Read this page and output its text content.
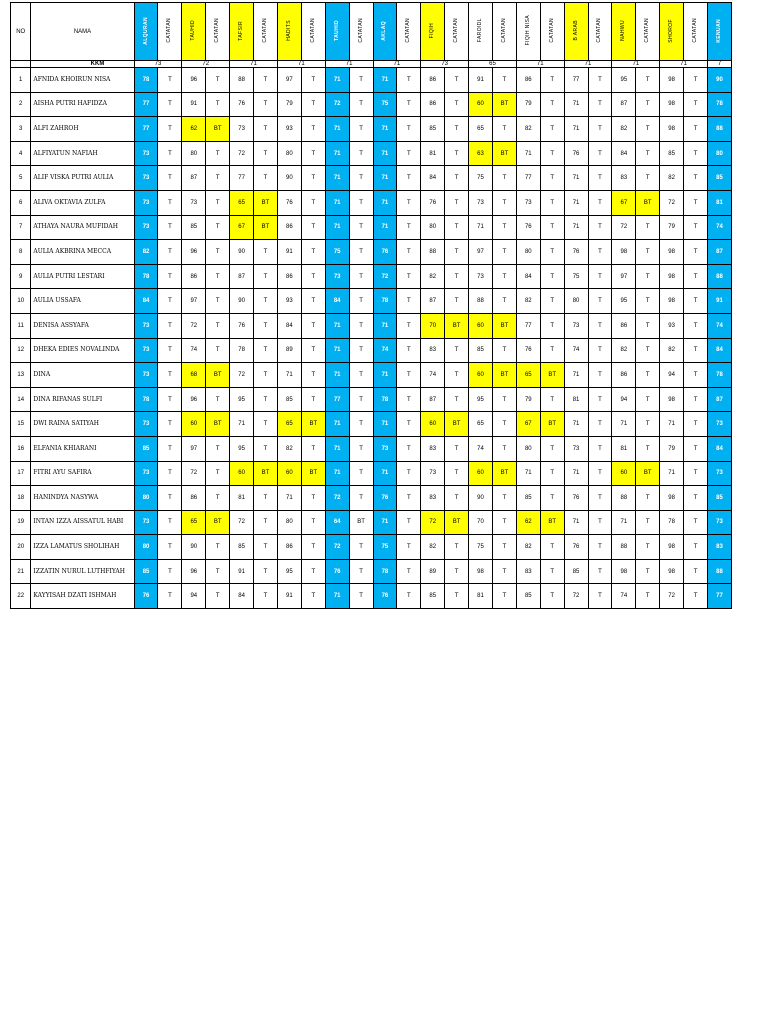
NO	NAMA	ALQURAN	CATATAN	TAUHID	CATATAN	TAFSIR	CATATAN	HADITS	CATATAN	TAUHID	CATATAN	AKLAQ	CATATAN	FIQIH	CATATAN	FAROIDL	CATATAN	FIQIH NISA	CATATAN	B ARAB	CATATAN	NAHWU	CATATAN	SHOROF	CATATAN	KENUAN
	KKM	73		72		71		71		71		71		73		65		71		71		71		71		7
1	AFNIDA KHOIRUN NISA	78	T	96	T	88	T	97	T	71	T	71	T	86	T	91	T	86	T	77	T	95	T	98	T	90
2	AISHA PUTRI HAFIDZA	77	T	91	T	76	T	79	T	72	T	75	T	86	T	60	BT	79	T	71	T	87	T	98	T	78
3	ALFI ZAHROH	77	T	62	BT	73	T	93	T	71	T	71	T	85	T	65	T	82	T	71	T	82	T	98	T	88
4	ALFIYATUN NAFIAH	73	T	80	T	72	T	80	T	71	T	71	T	81	T	63	BT	71	T	76	T	84	T	85	T	80
5	ALIF VISKA PUTRI AULIA	73	T	87	T	77	T	90	T	71	T	71	T	84	T	75	T	77	T	71	T	83	T	82	T	85
6	ALIVA OKTAVIA ZULFA	73	T	73	T	65	BT	76	T	71	T	71	T	76	T	73	T	73	T	71	T	67	BT	72	T	81
7	ATHAYA NAURA MUFIDAH	73	T	85	T	67	BT	86	T	71	T	71	T	80	T	71	T	76	T	71	T	72	T	79	T	74
8	AULIA AKBRINA MECCA	82	T	96	T	90	T	91	T	75	T	76	T	88	T	97	T	80	T	76	T	98	T	98	T	87
9	AULIA PUTRI LESTARI	78	T	86	T	87	T	86	T	73	T	72	T	82	T	73	T	84	T	75	T	97	T	98	T	88
10	AULIA USSAFA	84	T	97	T	90	T	93	T	84	T	78	T	87	T	88	T	82	T	80	T	95	T	98	T	91
11	DENISA ASSYAFA	73	T	72	T	76	T	84	T	71	T	71	T	70	BT	60	BT	77	T	73	T	86	T	93	T	74
12	DHEKA EDIES NOVALINDA	73	T	74	T	78	T	89	T	71	T	74	T	83	T	85	T	76	T	74	T	82	T	82	T	84
13	DINA	73	T	68	BT	72	T	71	T	71	T	71	T	74	T	60	BT	65	BT	71	T	86	T	94	T	78
14	DINA RIFANAS SULFI	78	T	96	T	95	T	85	T	77	T	78	T	87	T	95	T	79	T	81	T	94	T	98	T	87
15	DWI RAINA SATIYAH	73	T	60	BT	71	T	65	BT	71	T	71	T	60	BT	65	T	67	BT	71	T	71	T	71	T	73
16	ELFANIA KHIARANI	85	T	97	T	95	T	82	T	71	T	73	T	83	T	74	T	80	T	73	T	81	T	79	T	84
17	FITRI AYU SAFIRA	73	T	72	T	60	BT	60	BT	71	T	71	T	73	T	60	BT	71	T	71	T	60	BT	71	T	73
18	HANINDYA NASYWA	80	T	86	T	81	T	71	T	72	T	76	T	83	T	90	T	85	T	76	T	88	T	98	T	85
19	INTAN IZZA AISSATUL HABI	73	T	65	BT	72	T	80	T	64	BT	71	T	72	BT	70	T	62	BT	71	T	71	T	78	T	73
20	IZZA LAMATUS SHOLIHAH	80	T	90	T	85	T	86	T	72	T	75	T	82	T	75	T	82	T	76	T	88	T	98	T	83
21	IZZATIN NURUL LUTHFIYAH	85	T	96	T	91	T	95	T	76	T	78	T	89	T	98	T	83	T	85	T	98	T	98	T	88
22	KAYYISAH DZATI ISHMAH	76	T	94	T	84	T	91	T	71	T	76	T	85	T	81	T	85	T	72	T	74	T	72	T	77
